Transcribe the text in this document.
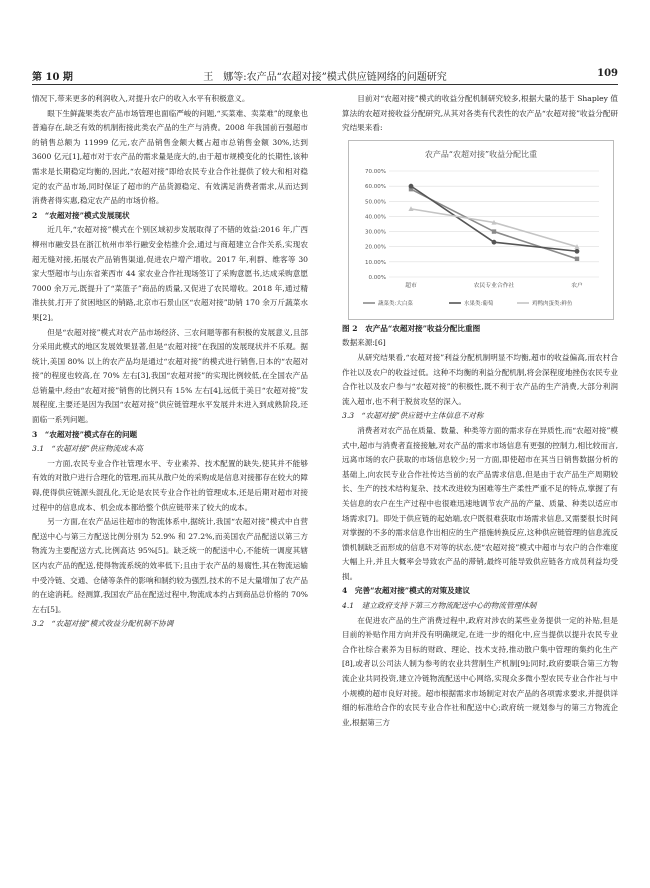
第 10 期	王　娜等:农产品“农超对接”模式供应链网络的问题研究	109

情况下,带来更多的利润收入,对提升农户的收入水平有积极意义。

眼下生鲜蔬果类农产品市场管理也面临严峻的问题,“买菜难、卖菜难”的现象也普遍存在,缺乏有效的机制衔接此类农产品的生产与消费。2008 年我国前百强超市的销售总额为 11999 亿元,农产品销售金额大概占超市总销售金额 30%,达到 3600 亿元[1],超市对于农产品的需求量是庞大的,由于超市规模变化的长期性,该种需求是长期稳定均衡的,因此,“农超对接”即给农民专业合作社提供了较大和相对稳定的农产品市场,同时保证了超市的产品货源稳定、有效满足消费者需求,从而达到消费者得实惠,稳定农产品的市场价格。

2　“农超对接”模式发展现状

近几年,“农超对接”模式在个别区域初步发展取得了不错的效益:2016 年,广西柳州市融安县在浙江杭州市举行融安金桔推介会,通过与商超建立合作关系,实现农超无缝对接,拓展农产品销售渠道,促进农户增产增收。2017 年,利群、维客等 30 家大型超市与山东省莱西市 44 家农业合作社现场签订了采购意愿书,达成采购意愿 7000 余万元,既提升了“菜篮子”商品的质量,又促进了农民增收。2018 年,通过精准扶贫,打开了贫困地区的销路,北京市石景山区“农超对接”助销 170 余万斤蔬菜水果[2]。

但是“农超对接”模式对农产品市场经济、三农问题等都有积极的发展意义,且部分采用此模式的地区发展效果显著,但是“农超对接”在我国的发展现状并不乐观。据统计,美国 80% 以上的农产品均是通过“农超对接”的模式进行销售,日本的“农超对接”的程度也较高,在 70% 左右[3],我国“农超对接”的实现比例较低,在全国农产品总销量中,经由“农超对接”销售的比例只有 15% 左右[4],远低于美日“农超对接”发展程度,主要还是因为我国“农超对接”供应链管理水平发展并未进入到成熟阶段,还面临一系列问题。

3　“农超对接”模式存在的问题

3.1　“农超对接”供应物流成本高

一方面,农民专业合作社管理水平、专业素养、技术配置的缺失,使其并不能够有效的对散户进行合理化的管理,而其从散户处的采购成是信息对接都存在较大的障碍,使得供应链源头混乱化,无论是农民专业合作社的管理成本,还是后期对超市对接过程中的信息成本、机会成本都给整个供应链带来了较大的成本。

另一方面,在农产品运往超市的物流体系中,据统计,我国“农超对接”模式中自营配送中心与第三方配送比例分别为 52.9% 和 27.2%,而美国农产品配送以第三方物流为主要配送方式,比例高达 95%[5]。缺乏统一的配送中心,不能统一调度其辖区内农产品的配送,使得物流系统的效率低下;且由于农产品的易腐性,其在物流运输中受冷链、交通、仓储等条件的影响和制约较为强烈,技术的不足大量增加了农产品的在途消耗。经测算,我国农产品在配送过程中,物流成本约占到商品总价格的 70% 左右[5]。

3.2　“农超对接”模式收益分配机制不协调

目前对“农超对接”模式的收益分配机制研究较多,根据大量的基于 Shapley 值算法的农超对接收益分配研究,从其对各类有代表性的农产品“农超对接”收益分配研究结果来看:

农产品“农超对接”收益分配比重
0.00%
10.00%
20.00%
30.00%
40.00%
50.00%
60.00%
70.00%
超市	农民专业合作社	农户
蔬菜类:大白菜	水果类:葡萄	鸡鸭肉蛋类:鲜鱼

图 2　农产品“农超对接”收益分配比重图

数据来源:[6]

从研究结果看,“农超对接”利益分配机制明显不均衡,超市的收益偏高,而农村合作社以及农户的收益过低。这种不均衡的利益分配机制,将会深程度地挫伤农民专业合作社以及农户参与“农超对接”的积极性,既不利于农产品的生产消费,大部分利润流入超市,也不利于脱贫攻坚的深入。

3.3　“农超对接”供应链中主体信息不对称

消费者对农产品在质量、数量、种类等方面的需求存在异质性,而“农超对接”模式中,超市与消费者直接接触,对农产品的需求市场信息有更强的控制力,相比较而言,远离市场的农户获取的市场信息较少;另一方面,即使超市在其当日销售数据分析的基础上,向农民专业合作社传达当前的农产品需求信息,但是由于农产品生产周期较长、生产的技术结构复杂、技术改进较为困难等生产柔性严重不足的特点,掌握了有关信息的农户在生产过程中也很难迅速地调节农产品的产量、质量、种类以适应市场需求[7]。即处于供应链的起始端,农户既很难获取市场需求信息,又需要很长时间对掌握的不多的需求信息作出相应的生产措施转换反应,这种供应链管理的信息流反馈机制缺乏而形成的信息不对等的状态,使“农超对接”模式中超市与农户的合作难度大幅上升,并且大概率会导致农产品的滞销,最终可能导致供应链各方成员利益均受损。

4　完善“农超对接”模式的对策及建议

4.1　建立政府支持下第三方物流配送中心的物流管理体制

在促进农产品的生产消费过程中,政府对涉农的某些业务提供一定的补贴,但是目前的补贴作用方向并没有明确规定,在进一步的细化中,应当提供以提升农民专业合作社综合素养为目标的财政、理论、技术支持,推动散户集中管理的集约化生产[8],或者以公司法人制为参考的农业共营制生产机制[9];同时,政府要联合第三方物流企业共同投资,建立冷链物流配送中心网络,实现众多微小型农民专业合作社与中小规模的超市良好对接。超市根据需求市场制定对农产品的各项需求要求,并提供详细的标准给合作的农民专业合作社和配送中心;政府统一规划参与的第三方物流企业,根据第三方
